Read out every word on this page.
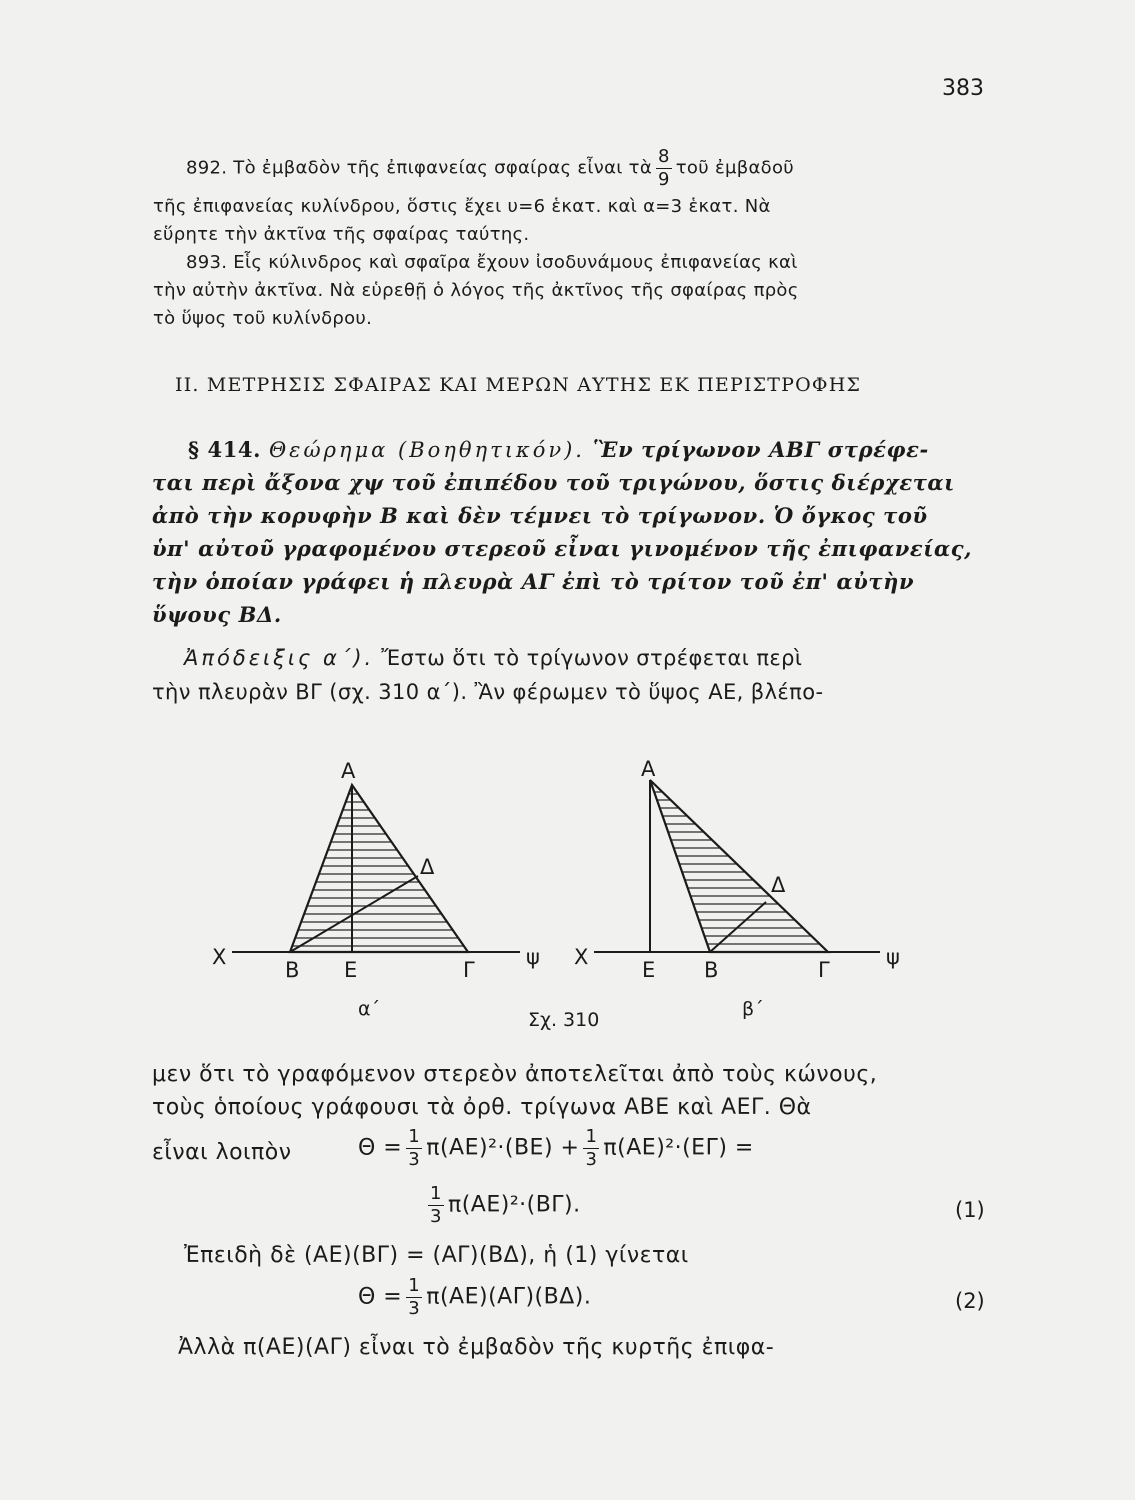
383
892. Τὸ ἐμβαδὸν τῆς ἐπιφανείας σφαίρας εἶναι τὰ $\frac{8}{9}$ τοῦ ἐμβαδοῦ
τῆς ἐπιφανείας κυλίνδρου, ὅστις ἔχει υ=6 ἑκατ. καὶ α=3 ἑκατ. Νὰ
εὕρητε τὴν ἀκτῖνα τῆς σφαίρας ταύτης.
893. Εἷς κύλινδρος καὶ σφαῖρα ἔχουν ἰσοδυνάμους ἐπιφανείας καὶ
τὴν αὐτὴν ἀκτῖνα. Νὰ εὑρεθῇ ὁ λόγος τῆς ἀκτῖνος τῆς σφαίρας πρὸς
τὸ ὕψος τοῦ κυλίνδρου.
II. ΜΕΤΡΗΣΙΣ ΣΦΑΙΡΑΣ ΚΑΙ ΜΕΡΩΝ ΑΥΤΗΣ ΕΚ ΠΕΡΙΣΤΡΟΦΗΣ
§ 414. Θεώρημα (Βοηθητικόν). Ἓν τρίγωνον ΑΒΓ στρέφε-
ται περὶ ἄξονα χψ τοῦ ἐπιπέδου τοῦ τριγώνου, ὅστις διέρχεται
ἀπὸ τὴν κορυφὴν Β καὶ δὲν τέμνει τὸ τρίγωνον. Ὁ ὄγκος τοῦ
ὑπ' αὐτοῦ γραφομένου στερεοῦ εἶναι γινομένον τῆς ἐπιφανείας,
τὴν ὁποίαν γράφει ἡ πλευρὰ ΑΓ ἐπὶ τὸ τρίτον τοῦ ἐπ' αὐτὴν
ὕψους ΒΔ.
Ἀπόδειξις α΄). Ἔστω ὅτι τὸ τρίγωνον στρέφεται περὶ
τὴν πλευρὰν ΒΓ (σχ. 310 α΄). Ἂν φέρωμεν τὸ ὕψος ΑΕ, βλέπο-
Α
Δ
Χ
Β Ε	Γ
ψ
α΄
Α
Δ
Χ
Ε Β	Γ
ψ
β΄
Σχ. 310
μεν ὅτι τὸ γραφόμενον στερεὸν ἀποτελεῖται ἀπὸ τοὺς κώνους,
τοὺς ὁποίους γράφουσι τὰ ὀρθ. τρίγωνα ΑΒΕ καὶ ΑΕΓ. Θὰ
εἶναι λοιπὸν	$\Theta = \frac{1}{3} \pi(AE)^2\cdot(BE) + \frac{1}{3} \pi(AE)^2\cdot(E\Gamma)$ =
$\frac{1}{3} \pi(AE)^2\cdot(B\Gamma)$.	(1)
Ἐπειδὴ δὲ (ΑΕ)(ΒΓ) = (ΑΓ)(ΒΔ), ἡ (1) γίνεται
$\Theta = \frac{1}{3} \pi(AE)(A\Gamma)(B\Delta)$.	(2)
Ἀλλὰ π(ΑΕ)(ΑΓ) εἶναι τὸ ἐμβαδὸν τῆς κυρτῆς ἐπιφα-
